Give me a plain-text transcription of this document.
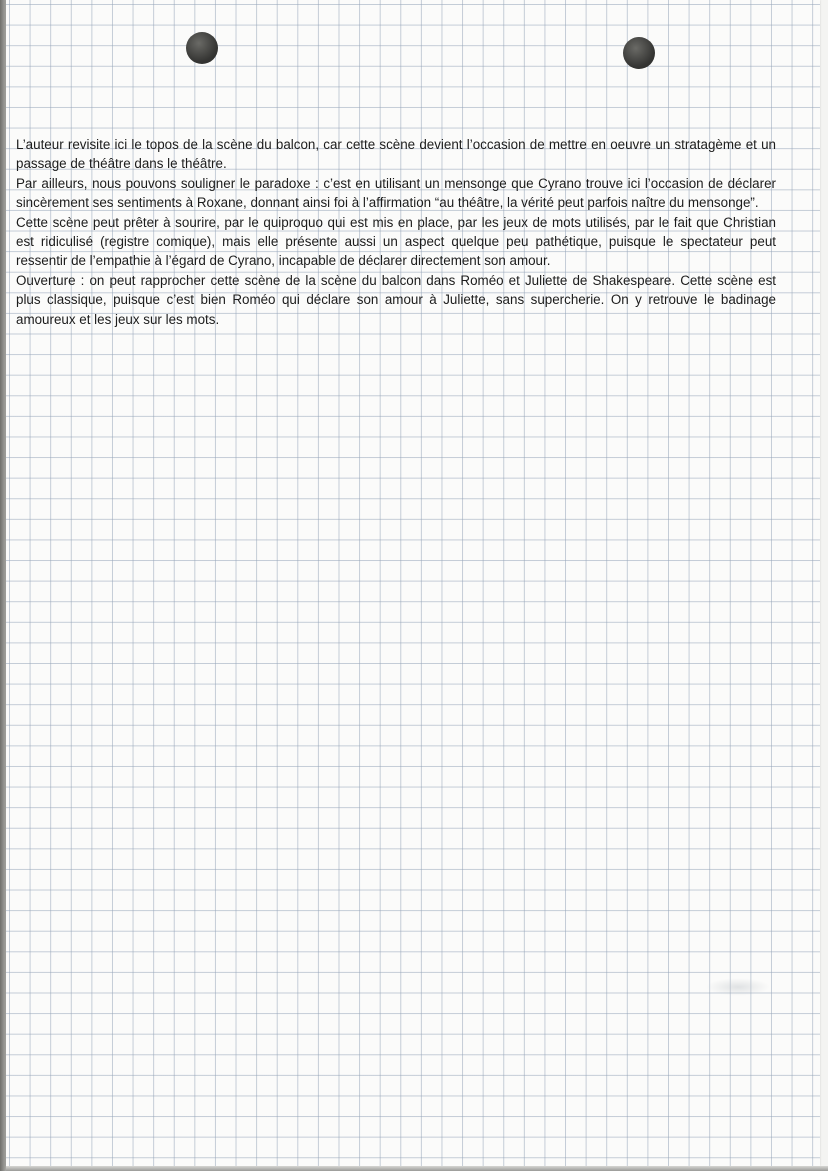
L’auteur revisite ici le topos de la scène du balcon, car cette scène devient l’occasion de mettre en oeuvre un stratagème et un passage de théâtre dans le théâtre.

Par ailleurs, nous pouvons souligner le paradoxe : c’est en utilisant un mensonge que Cyrano trouve ici l’occasion de déclarer sincèrement ses sentiments à Roxane, donnant ainsi foi à l’affirmation “au théâtre, la vérité peut parfois naître du mensonge”.

Cette scène peut prêter à sourire, par le quiproquo qui est mis en place, par les jeux de mots utilisés, par le fait que Christian est ridiculisé (registre comique), mais elle présente aussi un aspect quelque peu pathétique, puisque le spectateur peut ressentir de l’empathie à l’égard de Cyrano, incapable de déclarer directement son amour.

Ouverture : on peut rapprocher cette scène de la scène du balcon dans Roméo et Juliette de Shakespeare. Cette scène est plus classique, puisque c’est bien Roméo qui déclare son amour à Juliette, sans supercherie. On y retrouve le badinage amoureux et les jeux sur les mots.
